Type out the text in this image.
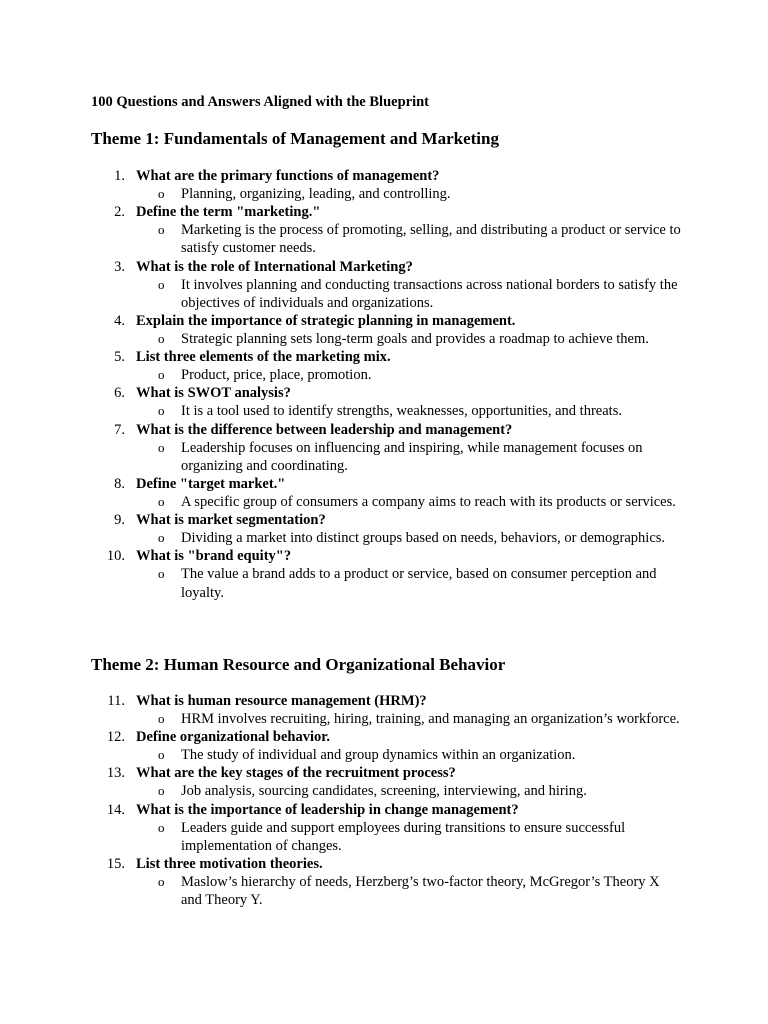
100 Questions and Answers Aligned with the Blueprint
Theme 1: Fundamentals of Management and Marketing
1. What are the primary functions of management?
o Planning, organizing, leading, and controlling.
2. Define the term "marketing."
o Marketing is the process of promoting, selling, and distributing a product or service to satisfy customer needs.
3. What is the role of International Marketing?
o It involves planning and conducting transactions across national borders to satisfy the objectives of individuals and organizations.
4. Explain the importance of strategic planning in management.
o Strategic planning sets long-term goals and provides a roadmap to achieve them.
5. List three elements of the marketing mix.
o Product, price, place, promotion.
6. What is SWOT analysis?
o It is a tool used to identify strengths, weaknesses, opportunities, and threats.
7. What is the difference between leadership and management?
o Leadership focuses on influencing and inspiring, while management focuses on organizing and coordinating.
8. Define "target market."
o A specific group of consumers a company aims to reach with its products or services.
9. What is market segmentation?
o Dividing a market into distinct groups based on needs, behaviors, or demographics.
10. What is "brand equity"?
o The value a brand adds to a product or service, based on consumer perception and loyalty.
Theme 2: Human Resource and Organizational Behavior
11. What is human resource management (HRM)?
o HRM involves recruiting, hiring, training, and managing an organization’s workforce.
12. Define organizational behavior.
o The study of individual and group dynamics within an organization.
13. What are the key stages of the recruitment process?
o Job analysis, sourcing candidates, screening, interviewing, and hiring.
14. What is the importance of leadership in change management?
o Leaders guide and support employees during transitions to ensure successful implementation of changes.
15. List three motivation theories.
o Maslow’s hierarchy of needs, Herzberg’s two-factor theory, McGregor’s Theory X and Theory Y.
